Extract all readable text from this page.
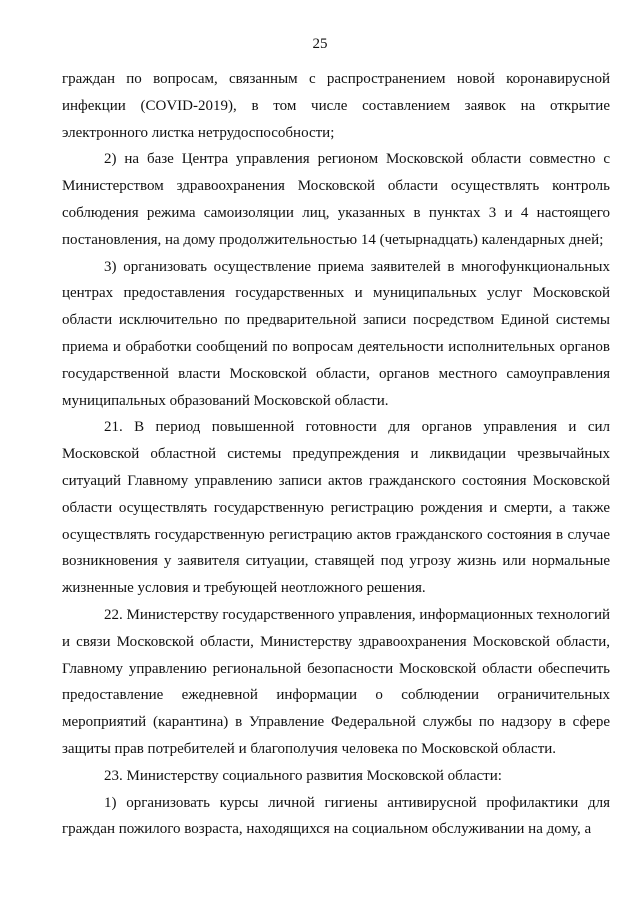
25

граждан по вопросам, связанным с распространением новой коронавирусной инфекции (COVID-2019), в том числе составлением заявок на открытие электронного листка нетрудоспособности;

2) на базе Центра управления регионом Московской области совместно с Министерством здравоохранения Московской области осуществлять контроль соблюдения режима самоизоляции лиц, указанных в пунктах 3 и 4 настоящего постановления, на дому продолжительностью 14 (четырнадцать) календарных дней;

3) организовать осуществление приема заявителей в многофункциональных центрах предоставления государственных и муниципальных услуг Московской области исключительно по предварительной записи посредством Единой системы приема и обработки сообщений по вопросам деятельности исполнительных органов государственной власти Московской области, органов местного самоуправления муниципальных образований Московской области.

21. В период повышенной готовности для органов управления и сил Московской областной системы предупреждения и ликвидации чрезвычайных ситуаций Главному управлению записи актов гражданского состояния Московской области осуществлять государственную регистрацию рождения и смерти, а также осуществлять государственную регистрацию актов гражданского состояния в случае возникновения у заявителя ситуации, ставящей под угрозу жизнь или нормальные жизненные условия и требующей неотложного решения.

22. Министерству государственного управления, информационных технологий и связи Московской области, Министерству здравоохранения Московской области, Главному управлению региональной безопасности Московской области обеспечить предоставление ежедневной информации о соблюдении ограничительных мероприятий (карантина) в Управление Федеральной службы по надзору в сфере защиты прав потребителей и благополучия человека по Московской области.

23. Министерству социального развития Московской области:

1) организовать курсы личной гигиены антивирусной профилактики для граждан пожилого возраста, находящихся на социальном обслуживании на дому, а
